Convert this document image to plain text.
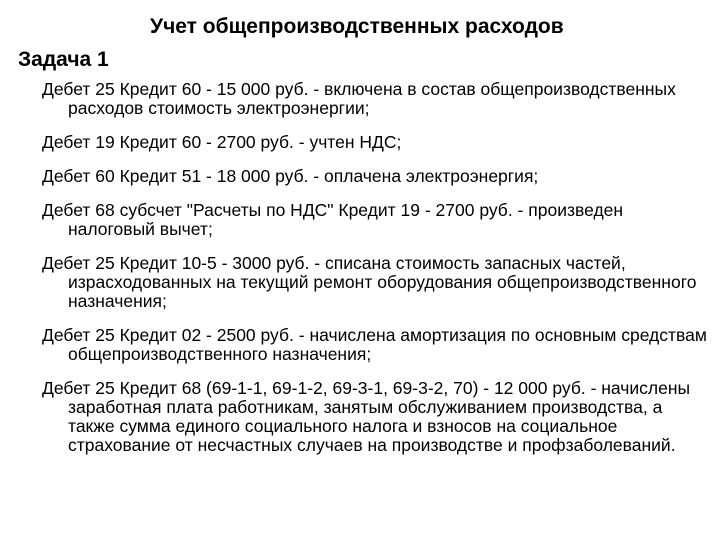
Учет общепроизводственных расходов
Задача 1
Дебет 25 Кредит 60 - 15 000 руб. - включена в состав общепроизводственных расходов стоимость электроэнергии;
Дебет 19 Кредит 60 - 2700 руб. - учтен НДС;
Дебет 60 Кредит 51 - 18 000 руб. - оплачена электроэнергия;
Дебет 68 субсчет "Расчеты по НДС" Кредит 19 - 2700 руб. - произведен налоговый вычет;
Дебет 25 Кредит 10-5 - 3000 руб. - списана стоимость запасных частей, израсходованных на текущий ремонт оборудования общепроизводственного назначения;
Дебет 25 Кредит 02 - 2500 руб. - начислена амортизация по основным средствам общепроизводственного назначения;
Дебет 25 Кредит 68 (69-1-1, 69-1-2, 69-3-1, 69-3-2, 70) - 12 000 руб. - начислены заработная плата работникам, занятым обслуживанием производства, а также сумма единого социального налога и взносов на социальное страхование от несчастных случаев на производстве и профзаболеваний.
